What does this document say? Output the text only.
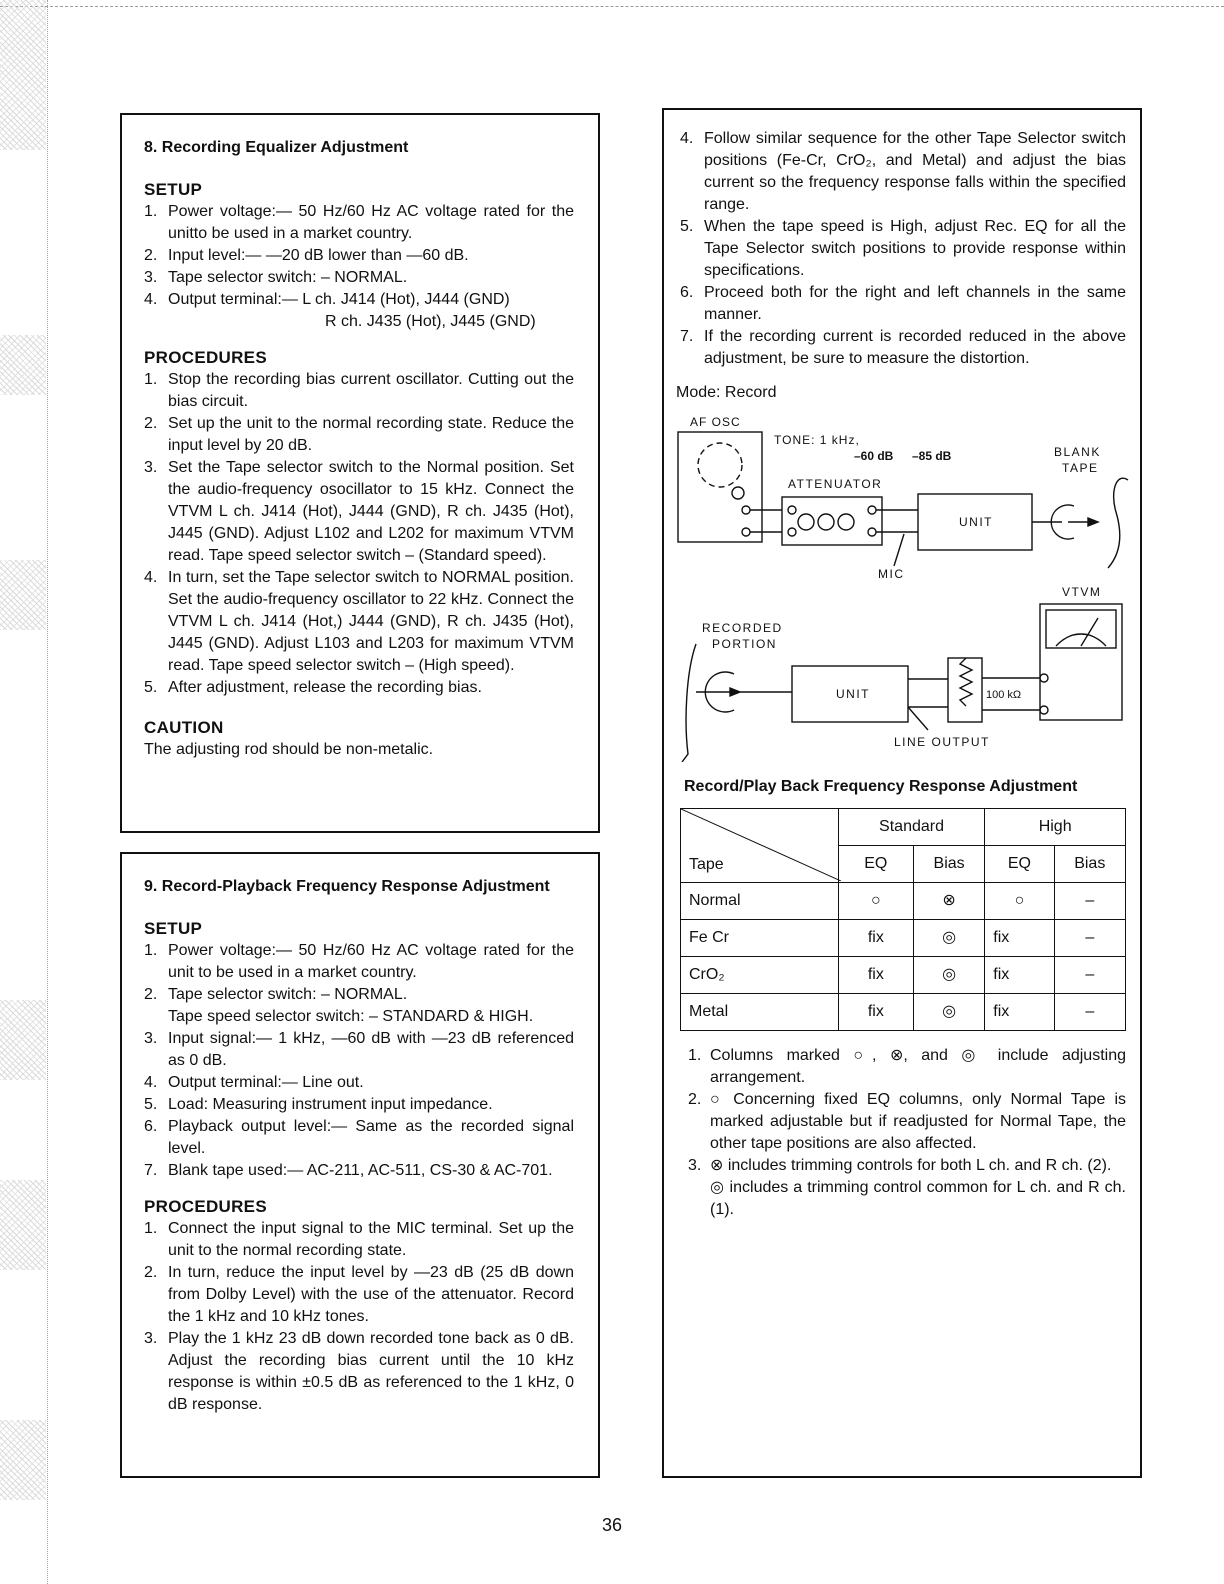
8. Recording Equalizer Adjustment

SETUP

1. Power voltage:— 50 Hz/60 Hz AC voltage rated for the unitto be used in a market country.
2. Input level:— —20 dB lower than —60 dB.
3. Tape selector switch: – NORMAL.
4. Output terminal:— L ch. J414 (Hot), J444 (GND)
R ch. J435 (Hot), J445 (GND)

PROCEDURES

1. Stop the recording bias current oscillator. Cutting out the bias circuit.
2. Set up the unit to the normal recording state. Reduce the input level by 20 dB.
3. Set the Tape selector switch to the Normal position. Set the audio-frequency osocillator to 15 kHz. Connect the VTVM L ch. J414 (Hot), J444 (GND), R ch. J435 (Hot), J445 (GND). Adjust L102 and L202 for maximum VTVM read. Tape speed selector switch – (Standard speed).
4. In turn, set the Tape selector switch to NORMAL position. Set the audio-frequency oscillator to 22 kHz. Connect the VTVM L ch. J414 (Hot,) J444 (GND), R ch. J435 (Hot), J445 (GND). Adjust L103 and L203 for maximum VTVM read. Tape speed selector switch – (High speed).
5. After adjustment, release the recording bias.

CAUTION

The adjusting rod should be non-metalic.

9. Record-Playback Frequency Response Adjustment

SETUP

1. Power voltage:— 50 Hz/60 Hz AC voltage rated for the unit to be used in a market country.
2. Tape selector switch: – NORMAL.
Tape speed selector switch: – STANDARD & HIGH.
3. Input signal:— 1 kHz, —60 dB with —23 dB referenced as 0 dB.
4. Output terminal:— Line out.
5. Load: Measuring instrument input impedance.
6. Playback output level:— Same as the recorded signal level.
7. Blank tape used:— AC-211, AC-511, CS-30 & AC-701.

PROCEDURES

1. Connect the input signal to the MIC terminal. Set up the unit to the normal recording state.
2. In turn, reduce the input level by —23 dB (25 dB down from Dolby Level) with the use of the attenuator. Record the 1 kHz and 10 kHz tones.
3. Play the 1 kHz 23 dB down recorded tone back as 0 dB. Adjust the recording bias current until the 10 kHz response is within ±0.5 dB as referenced to the 1 kHz, 0 dB response.
4. Follow similar sequence for the other Tape Selector switch positions (Fe-Cr, CrO₂, and Metal) and adjust the bias current so the frequency response falls within the specified range.
5. When the tape speed is High, adjust Rec. EQ for all the Tape Selector switch positions to provide response within specifications.
6. Proceed both for the right and left channels in the same manner.
7. If the recording current is recorded reduced in the above adjustment, be sure to measure the distortion.
Mode: Record
AF OSC
TONE: 1 kHz,
–60 dB –85 dB	BLANK
TAPE
ATTENUATOR
UNIT
MIC
VTVM
RECORDED
PORTION
UNIT	100 kΩ
LINE OUTPUT

Record/Play Back Frequency Response Adjustment

Tape	Standard		High	
	EQ	Bias	EQ	Bias
Normal	○	⊗	○	–
Fe Cr	fix	◎	fix	–
CrO₂	fix	◎	fix	–
Metal	fix	◎	fix	–
1. Columns marked ○, ⊗, and ◎ include adjusting arrangement.
2. ○ Concerning fixed EQ columns, only Normal Tape is marked adjustable but if readjusted for Normal Tape, the other tape positions are also affected.
3. ⊗ includes trimming controls for both L ch. and R ch. (2).
◎ includes a trimming control common for L ch. and R ch. (1).
36
